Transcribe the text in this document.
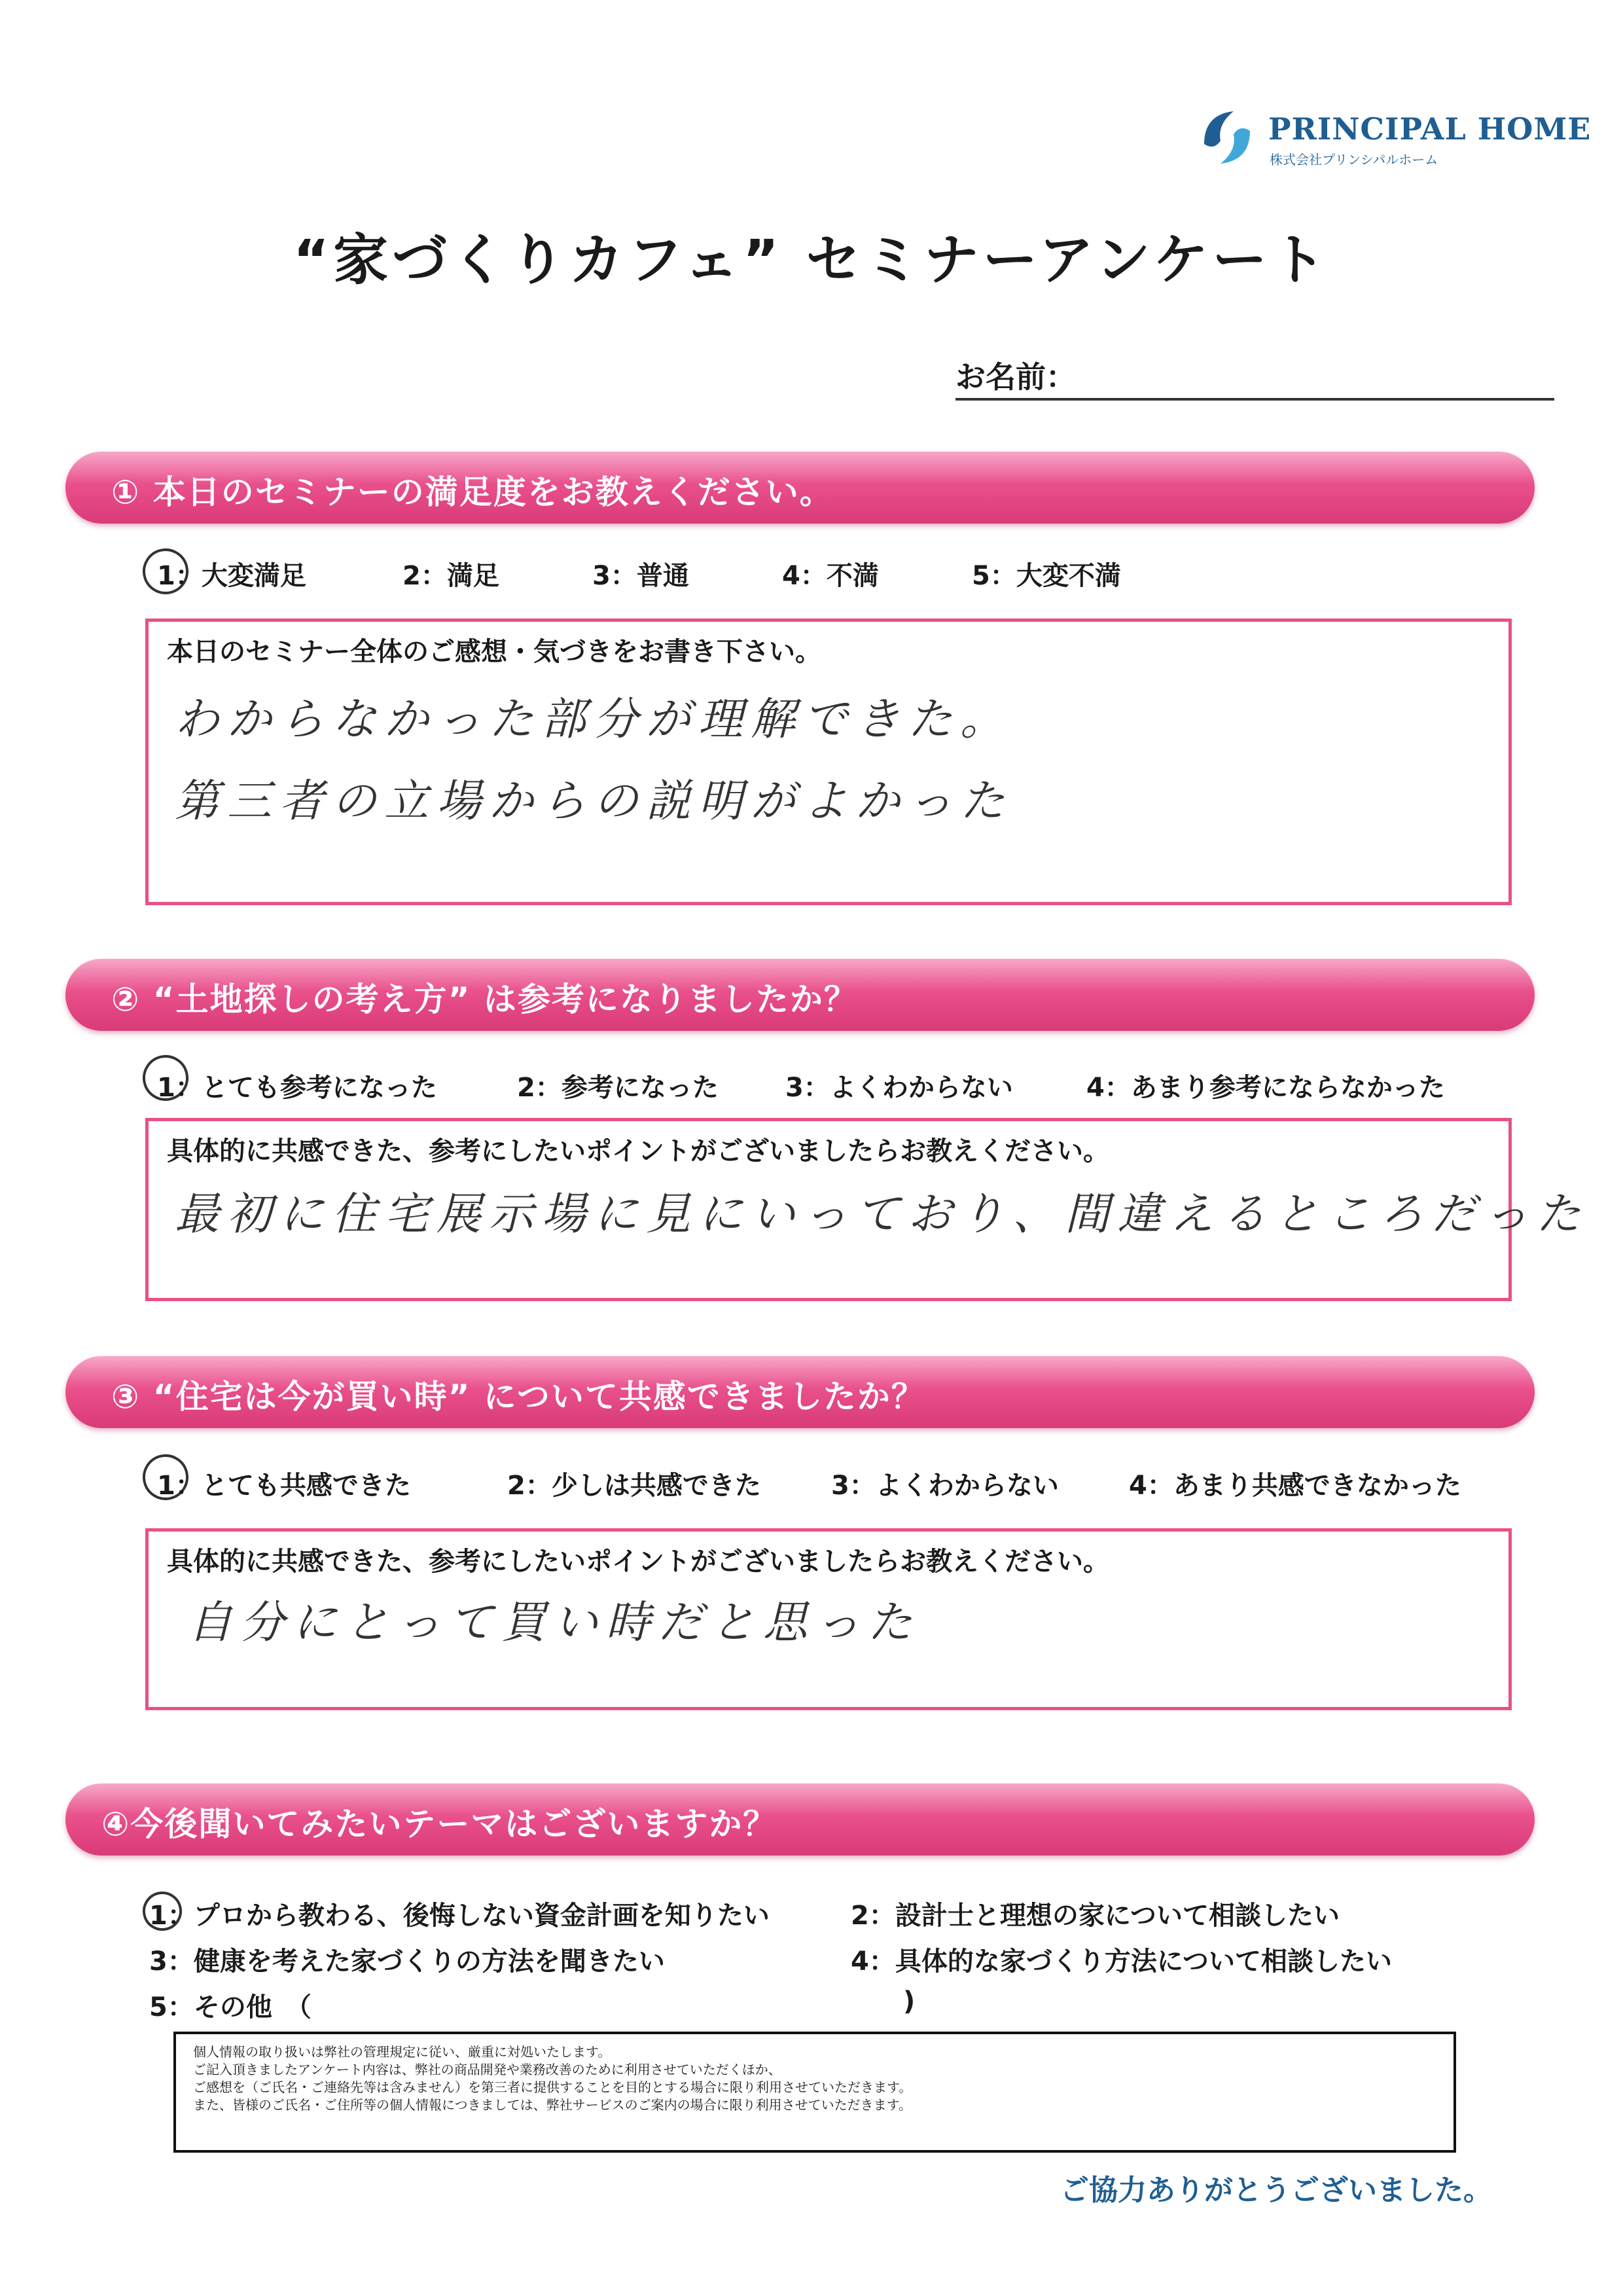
PRINCIPAL HOME
株式会社プリンシパルホーム
“家づくりカフェ” セミナーアンケート
お名前：
① 本日のセミナーの満足度をお教えください。
1：大変満足	2：満足	3：普通	4：不満	5：大変不満
本日のセミナー全体のご感想・気づきをお書き下さい。
わからなかった部分が理解できた。
第三者の立場からの説明がよかった
② “土地探しの考え方” は参考になりましたか？
1：とても参考になった	2：参考になった	3：よくわからない	4：あまり参考にならなかった
具体的に共感できた、参考にしたいポイントがございましたらお教えください。
最初に住宅展示場に見にいっており、間違えるところだった
③ “住宅は今が買い時” について共感できましたか？
1：とても共感できた	2：少しは共感できた	3：よくわからない	4：あまり共感できなかった
具体的に共感できた、参考にしたいポイントがございましたらお教えください。
自分にとって買い時だと思った
④今後聞いてみたいテーマはございますか？
1：プロから教わる、後悔しない資金計画を知りたい	2：設計士と理想の家について相談したい
3：健康を考えた家づくりの方法を聞きたい	4：具体的な家づくり方法について相談したい
5：その他　（	)
個人情報の取り扱いは弊社の管理規定に従い、厳重に対処いたします。
ご記入頂きましたアンケート内容は、弊社の商品開発や業務改善のために利用させていただくほか、
ご感想を（ご氏名・ご連絡先等は含みません）を第三者に提供することを目的とする場合に限り利用させていただきます。
また、皆様のご氏名・ご住所等の個人情報につきましては、弊社サービスのご案内の場合に限り利用させていただきます。
ご協力ありがとうございました。
